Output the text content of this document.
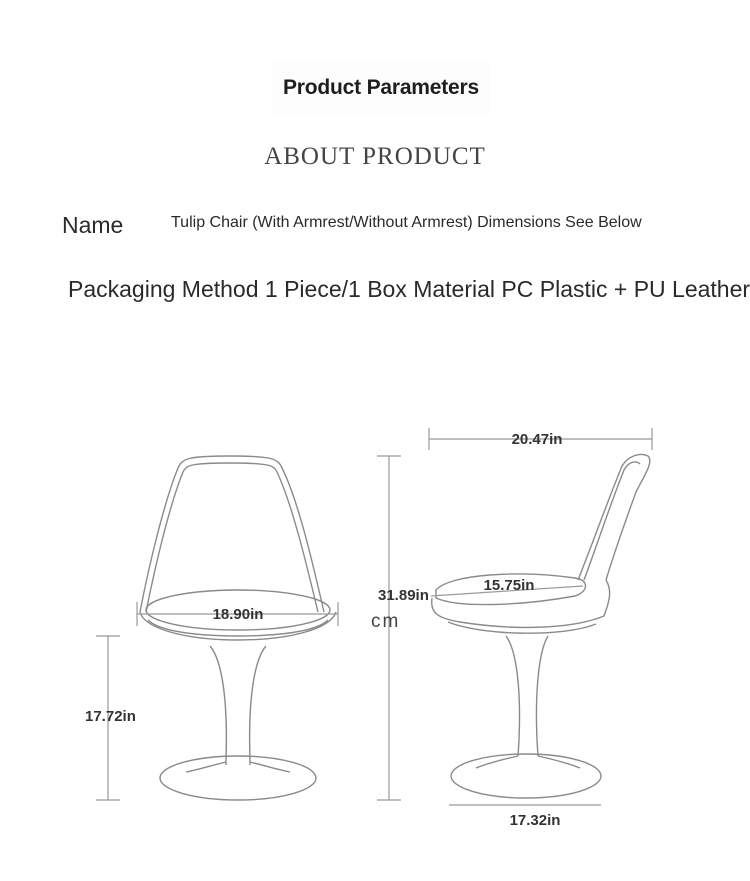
Product Parameters
ABOUT PRODUCT
Name	Tulip Chair (With Armrest/Without Armrest) Dimensions See Below
Packaging Method 1 Piece/1 Box Material PC Plastic + PU Leather
18.90in
17.72in
31.89in
cm
20.47in
15.75in
17.32in
